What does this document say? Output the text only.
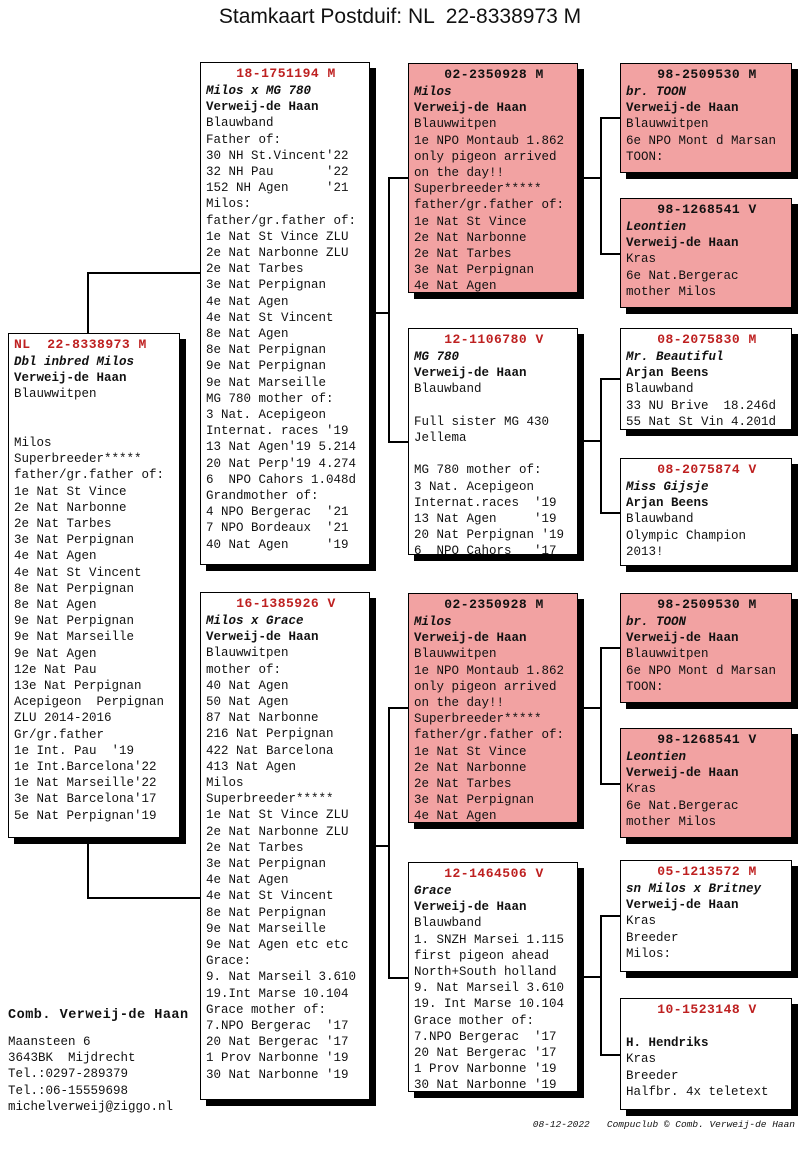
Stamkaart Postduif: NL  22-8338973 M
NL  22-8338973 M
Dbl inbred Milos
Verweij-de Haan
Blauwwitpen
Milos
Superbreeder*****
father/gr.father of:
1e Nat St Vince
2e Nat Narbonne
2e Nat Tarbes
3e Nat Perpignan
4e Nat Agen
4e Nat St Vincent
8e Nat Perpignan
8e Nat Agen
9e Nat Perpignan
9e Nat Marseille
9e Nat Agen
12e Nat Pau
13e Nat Perpignan
Acepigeon  Perpignan
ZLU 2014-2016
Gr/gr.father
1e Int. Pau  '19
1e Int.Barcelona'22
1e Nat Marseille'22
3e Nat Barcelona'17
5e Nat Perpignan'19
18-1751194 M
Milos x MG 780
Verweij-de Haan
Blauwband
Father of:
30 NH St.Vincent'22
32 NH Pau       '22
152 NH Agen     '21
Milos:
father/gr.father of:
1e Nat St Vince ZLU
2e Nat Narbonne ZLU
2e Nat Tarbes
3e Nat Perpignan
4e Nat Agen
4e Nat St Vincent
8e Nat Agen
8e Nat Perpignan
9e Nat Perpignan
9e Nat Marseille
MG 780 mother of:
3 Nat. Acepigeon
Internat. races '19
13 Nat Agen'19 5.214
20 Nat Perp'19 4.274
6  NPO Cahors 1.048d
Grandmother of:
4 NPO Bergerac  '21
7 NPO Bordeaux  '21
40 Nat Agen     '19
16-1385926 V
Milos x Grace
Verweij-de Haan
Blauwwitpen
mother of:
40 Nat Agen
50 Nat Agen
87 Nat Narbonne
216 Nat Perpignan
422 Nat Barcelona
413 Nat Agen
Milos
Superbreeder*****
1e Nat St Vince ZLU
2e Nat Narbonne ZLU
2e Nat Tarbes
3e Nat Perpignan
4e Nat Agen
4e Nat St Vincent
8e Nat Perpignan
9e Nat Marseille
9e Nat Agen etc etc
Grace:
9. Nat Marseil 3.610
19.Int Marse 10.104
Grace mother of:
7.NPO Bergerac  '17
20 Nat Bergerac '17
1 Prov Narbonne '19
30 Nat Narbonne '19
02-2350928 M
Milos
Verweij-de Haan
Blauwwitpen
1e NPO Montaub 1.862
only pigeon arrived
on the day!!
Superbreeder*****
father/gr.father of:
1e Nat St Vince
2e Nat Narbonne
2e Nat Tarbes
3e Nat Perpignan
4e Nat Agen
12-1106780 V
MG 780
Verweij-de Haan
Blauwband
Full sister MG 430
Jellema
MG 780 mother of:
3 Nat. Acepigeon
Internat.races  '19
13 Nat Agen     '19
20 Nat Perpignan '19
6  NPO Cahors   '17
02-2350928 M
Milos
Verweij-de Haan
Blauwwitpen
1e NPO Montaub 1.862
only pigeon arrived
on the day!!
Superbreeder*****
father/gr.father of:
1e Nat St Vince
2e Nat Narbonne
2e Nat Tarbes
3e Nat Perpignan
4e Nat Agen
12-1464506 V
Grace
Verweij-de Haan
Blauwband
1. SNZH Marsei 1.115
first pigeon ahead
North+South holland
9. Nat Marseil 3.610
19. Int Marse 10.104
Grace mother of:
7.NPO Bergerac  '17
20 Nat Bergerac '17
1 Prov Narbonne '19
30 Nat Narbonne '19
98-2509530 M
br. TOON
Verweij-de Haan
Blauwwitpen
6e NPO Mont d Marsan
TOON:
98-1268541 V
Leontien
Verweij-de Haan
Kras
6e Nat.Bergerac
mother Milos
08-2075830 M
Mr. Beautiful
Arjan Beens
Blauwband
33 NU Brive  18.246d
55 Nat St Vin 4.201d
08-2075874 V
Miss Gijsje
Arjan Beens
Blauwband
Olympic Champion
2013!
98-2509530 M
br. TOON
Verweij-de Haan
Blauwwitpen
6e NPO Mont d Marsan
TOON:
98-1268541 V
Leontien
Verweij-de Haan
Kras
6e Nat.Bergerac
mother Milos
05-1213572 M
sn Milos x Britney
Verweij-de Haan
Kras
Breeder
Milos:
10-1523148 V
H. Hendriks
Kras
Breeder
Halfbr. 4x teletext
Comb. Verweij-de Haan
Maansteen 6
3643BK  Mijdrecht
Tel.:0297-289379
Tel.:06-15559698
michelverweij@ziggo.nl
08-12-2022   Compuclub © Comb. Verweij-de Haan
